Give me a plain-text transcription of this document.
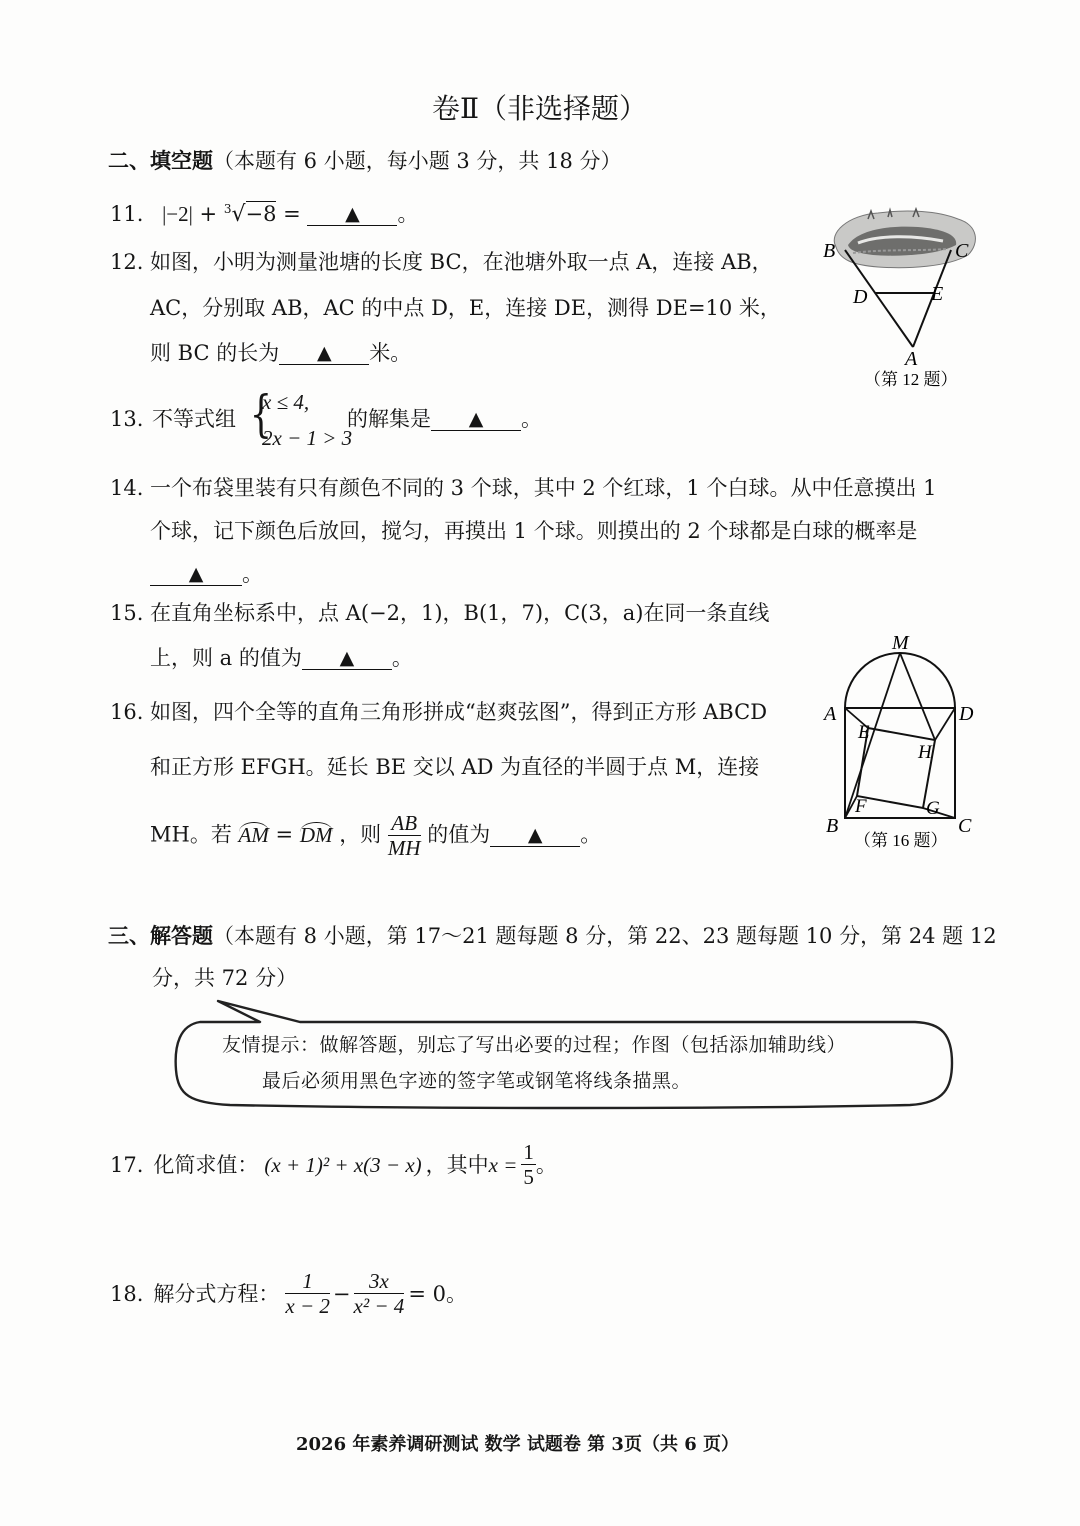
卷Ⅱ（非选择题）
二、填空题（本题有 6 小题，每小题 3 分，共 18 分）
11. |−2| + $^3$√−8 = ▲ 。
12. 如图，小明为测量池塘的长度 BC，在池塘外取一点 A，连接 AB，
AC，分别取 AB，AC 的中点 D，E，连接 DE，测得 DE=10 米，
则 BC 的长为 ▲ 米。
B	C
D	E
A
（第 12 题）
13. 不等式组 {
x ≤ 4,
2x − 1 > 3
的解集是 ▲ 。
14. 一个布袋里装有只有颜色不同的 3 个球，其中 2 个红球，1 个白球。从中任意摸出 1
个球，记下颜色后放回，搅匀，再摸出 1 个球。则摸出的 2 个球都是白球的概率是
▲ 。
15. 在直角坐标系中，点 A(−2，1)，B(1，7)，C(3，a)在同一条直线
上，则 a 的值为 ▲ 。
16. 如图，四个全等的直角三角形拼成“赵爽弦图”，得到正方形 ABCD
和正方形 EFGH。延长 BE 交以 AD 为直径的半圆于点 M，连接
MH。若 AM = DM ，则 $\frac{AB}{MH}$ 的值为 ▲ 。
M
A	D
E
H
F	G
B	C
（第 16 题）
三、解答题（本题有 8 小题，第 17～21 题每题 8 分，第 22、23 题每题 10 分，第 24 题 12
分，共 72 分）
友情提示：做解答题，别忘了写出必要的过程；作图（包括添加辅助线）
最后必须用黑色字迹的签字笔或钢笔将线条描黑。
17. 化简求值： (x + 1)² + x(3 − x) ，其中 $x = \frac{1}{5}$ 。
18. 解分式方程： $\frac{1}{x - 2} - \frac{3x}{\text{x² − 4}} = 0$ 。
2026 年素养调研测试 数学 试题卷 第 3页（共 6 页）
